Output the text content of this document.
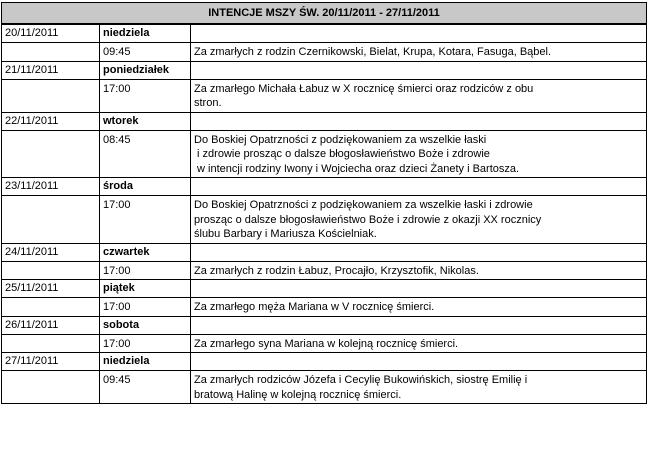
INTENCJE MSZY ŚW. 20/11/2011 - 27/11/2011		
20/11/2011	niedziela	
	09:45	Za zmarłych z rodzin Czernikowski, Bielat, Krupa, Kotara, Fasuga, Bąbel.

21/11/2011	poniedziałek	
	17:00	Za zmarłego Michała Łabuz w X rocznicę śmierci oraz rodziców z obu
stron.

22/11/2011	wtorek	
	08:45	Do Boskiej Opatrzności z podziękowaniem za wszelkie łaski
i zdrowie prosząc o dalsze błogosławieństwo Boże i zdrowie
w intencji rodziny Iwony i Wojciecha oraz dzieci Żanety i Bartosza.

23/11/2011	środa	
	17:00	Do Boskiej Opatrzności z podziękowaniem za wszelkie łaski i zdrowie
prosząc o dalsze błogosławieństwo Boże i zdrowie z okazji XX rocznicy
ślubu Barbary i Mariusza Kościelniak.

24/11/2011	czwartek	
	17:00	Za zmarłych z rodzin Łabuz, Procajło, Krzysztofik, Nikolas.

25/11/2011	piątek	
	17:00	Za zmarłego męża Mariana w V rocznicę śmierci.

26/11/2011	sobota	
	17:00	Za zmarłego syna Mariana w kolejną rocznicę śmierci.

27/11/2011	niedziela	
	09:45	Za zmarłych rodziców Józefa i Cecylię Bukowińskich, siostrę Emilię i
bratową Halinę w kolejną rocznicę śmierci.
